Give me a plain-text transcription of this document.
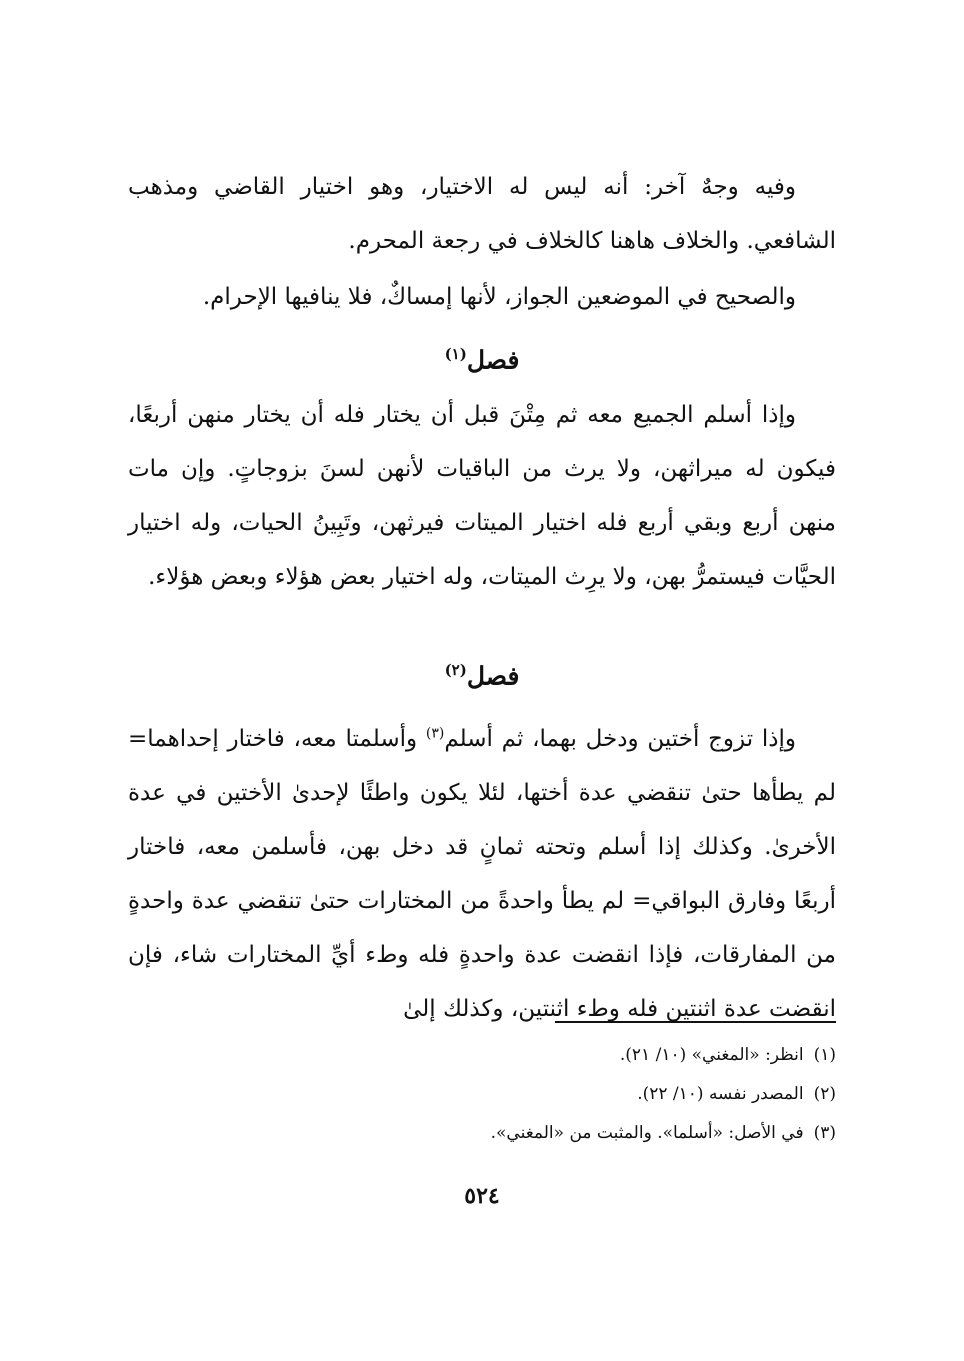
وفيه وجهٌ آخر: أنه ليس له الاختيار، وهو اختيار القاضي ومذهب الشافعي. والخلاف هاهنا كالخلاف في رجعة المحرم.

والصحيح في الموضعين الجواز، لأنها إمساكٌ، فلا ينافيها الإحرام.

فصل$^{(١)}$

وإذا أسلم الجميع معه ثم مِتْنَ قبل أن يختار فله أن يختار منهن أربعًا، فيكون له ميراثهن، ولا يرث من الباقيات لأنهن لسنَ بزوجاتٍ. وإن مات منهن أربع وبقي أربع فله اختيار الميتات فيرثهن، وتَبِينُ الحيات، وله اختيار الحيَّات فيستمرُّ بهن، ولا يرِث الميتات، وله اختيار بعض هؤلاء وبعض هؤلاء.

فصل$^{(٢)}$

وإذا تزوج أختين ودخل بهما، ثم أسلم$^{(٣)}$ وأسلمتا معه، فاختار إحداهما= لم يطأها حتىٰ تنقضي عدة أختها، لئلا يكون واطئًا لإحدىٰ الأختين في عدة الأخرىٰ. وكذلك إذا أسلم وتحته ثمانٍ قد دخل بهن، فأسلمن معه، فاختار أربعًا وفارق البواقي= لم يطأ واحدةً من المختارات حتىٰ تنقضي عدة واحدةٍ من المفارقات، فإذا انقضت عدة واحدةٍ فله وطء أيِّ المختارات شاء، فإن انقضت عدة اثنتين فله وطء اثنتين، وكذلك إلىٰ

(١)انظر: «المغني» (١٠/ ٢١).
(٢)المصدر نفسه (١٠/ ٢٢).
(٣)في الأصل: «أسلما». والمثبت من «المغني».
٥٢٤
